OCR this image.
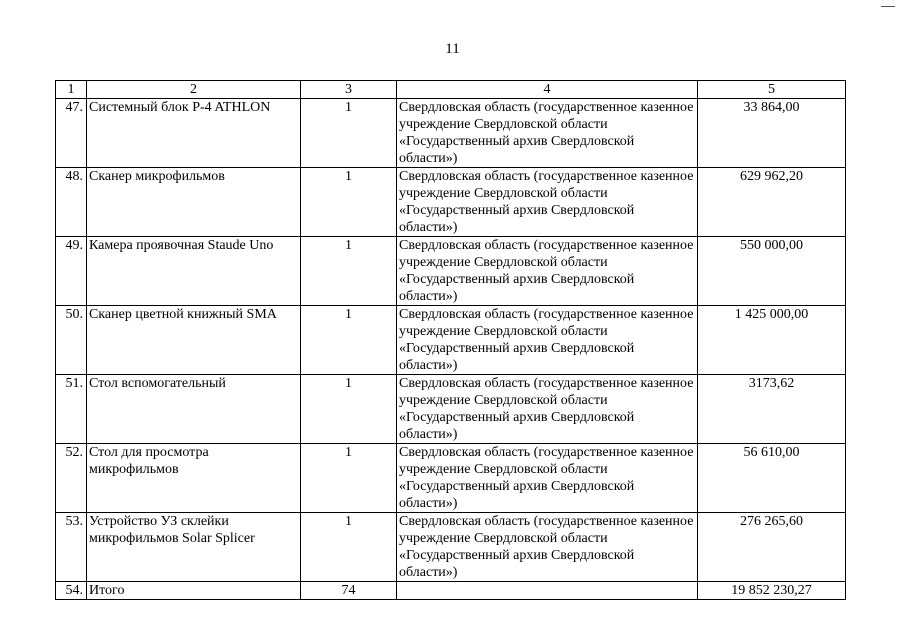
11
1	2	3	4	5
47.	Системный блок P-4 ATHLON	1	Свердловская область (государственное казенное учреждение Свердловской области «Государственный архив Свердловской области»)	33 864,00
48.	Сканер микрофильмов	1	Свердловская область (государственное казенное учреждение Свердловской области «Государственный архив Свердловской области»)	629 962,20
49.	Камера проявочная Staude Uno	1	Свердловская область (государственное казенное учреждение Свердловской области «Государственный архив Свердловской области»)	550 000,00
50.	Сканер цветной книжный SMA	1	Свердловская область (государственное казенное учреждение Свердловской области «Государственный архив Свердловской области»)	1 425 000,00
51.	Стол вспомогательный	1	Свердловская область (государственное казенное учреждение Свердловской области «Государственный архив Свердловской области»)	3173,62
52.	Стол для просмотра микрофильмов	1	Свердловская область (государственное казенное учреждение Свердловской области «Государственный архив Свердловской области»)	56 610,00
53.	Устройство УЗ склейки микрофильмов Solar Splicer	1	Свердловская область (государственное казенное учреждение Свердловской области «Государственный архив Свердловской области»)	276 265,60
54.	Итого	74		19 852 230,27
